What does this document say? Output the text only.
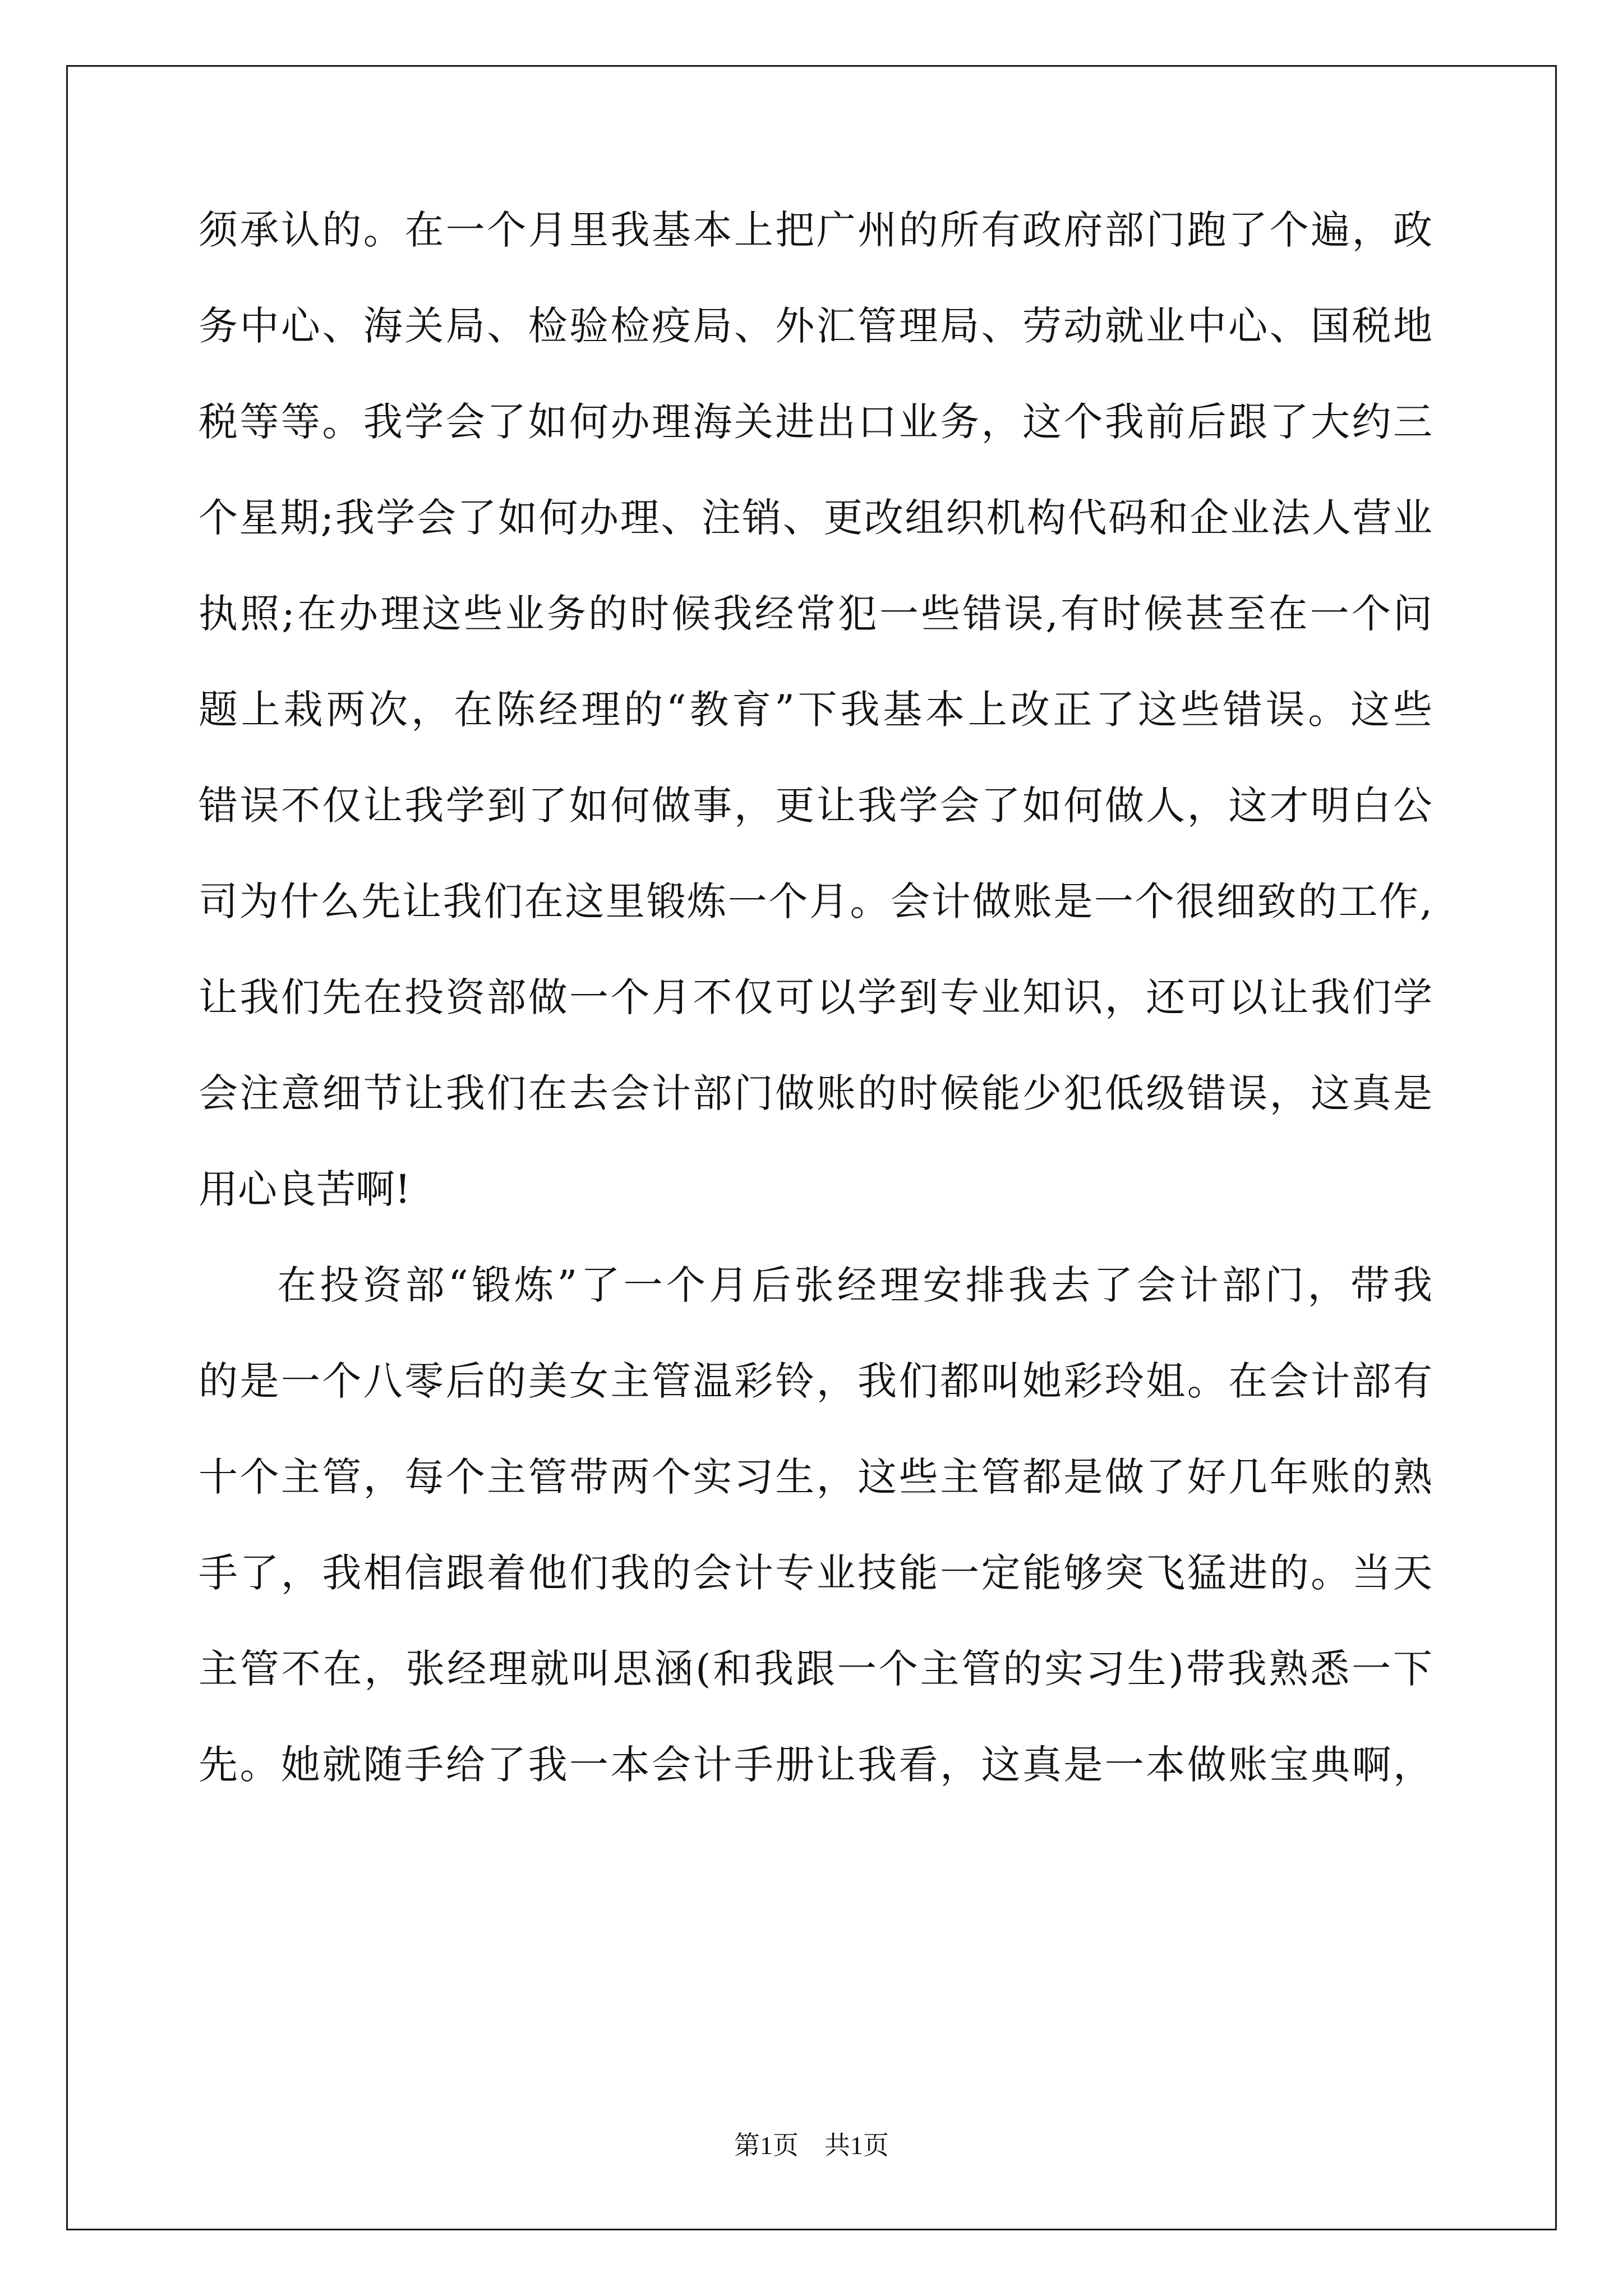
须承认的。在一个月里我基本上把广州的所有政府部门跑了个遍，政
务中心、海关局、检验检疫局、外汇管理局、劳动就业中心、国税地
税等等。我学会了如何办理海关进出口业务，这个我前后跟了大约三
个星期;我学会了如何办理、注销、更改组织机构代码和企业法人营业
执照;在办理这些业务的时候我经常犯一些错误,有时候甚至在一个问
题上栽两次，在陈经理的“教育”下我基本上改正了这些错误。这些
错误不仅让我学到了如何做事，更让我学会了如何做人，这才明白公
司为什么先让我们在这里锻炼一个月。会计做账是一个很细致的工作,
让我们先在投资部做一个月不仅可以学到专业知识，还可以让我们学
会注意细节让我们在去会计部门做账的时候能少犯低级错误，这真是
用心良苦啊!
在投资部“锻炼”了一个月后张经理安排我去了会计部门，带我
的是一个八零后的美女主管温彩铃，我们都叫她彩玲姐。在会计部有
十个主管，每个主管带两个实习生，这些主管都是做了好几年账的熟
手了，我相信跟着他们我的会计专业技能一定能够突飞猛进的。当天
主管不在，张经理就叫思涵(和我跟一个主管的实习生)带我熟悉一下
先。她就随手给了我一本会计手册让我看，这真是一本做账宝典啊，
第1页　共1页
